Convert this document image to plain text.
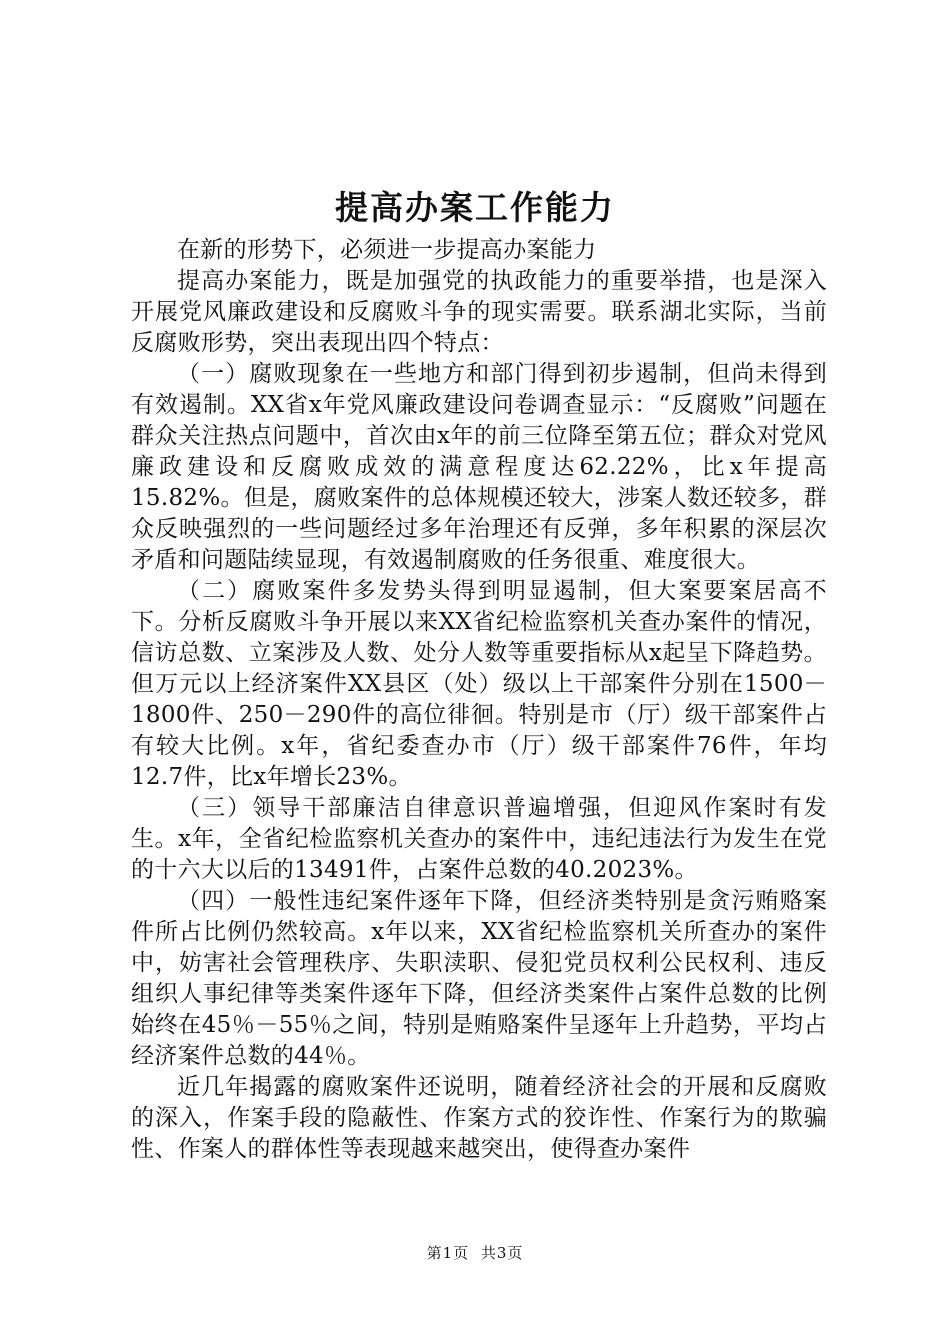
提高办案工作能力

在新的形势下，必须进一步提高办案能力

提高办案能力，既是加强党的执政能力的重要举措，也是深入开展党风廉政建设和反腐败斗争的现实需要。联系湖北实际，当前反腐败形势，突出表现出四个特点：

（一）腐败现象在一些地方和部门得到初步遏制，但尚未得到有效遏制。XX省x年党风廉政建设问卷调查显示：“反腐败”问题在群众关注热点问题中，首次由x年的前三位降至第五位；群众对党风廉政建设和反腐败成效的满意程度达62.22%，比x年提高15.82%。但是，腐败案件的总体规模还较大，涉案人数还较多，群众反映强烈的一些问题经过多年治理还有反弹，多年积累的深层次矛盾和问题陆续显现，有效遏制腐败的任务很重、难度很大。

（二）腐败案件多发势头得到明显遏制，但大案要案居高不下。分析反腐败斗争开展以来XX省纪检监察机关查办案件的情况，信访总数、立案涉及人数、处分人数等重要指标从x起呈下降趋势。但万元以上经济案件XX县区（处）级以上干部案件分别在1500－1800件、250－290件的高位徘徊。特别是市（厅）级干部案件占有较大比例。x年，省纪委查办市（厅）级干部案件76件，年均12.7件，比x年增长23%。

（三）领导干部廉洁自律意识普遍增强，但迎风作案时有发生。x年，全省纪检监察机关查办的案件中，违纪违法行为发生在党的十六大以后的13491件，占案件总数的40.2023%。

（四）一般性违纪案件逐年下降，但经济类特别是贪污贿赂案件所占比例仍然较高。x年以来，XX省纪检监察机关所查办的案件中，妨害社会管理秩序、失职渎职、侵犯党员权利公民权利、违反组织人事纪律等类案件逐年下降，但经济类案件占案件总数的比例始终在45％－55％之间，特别是贿赂案件呈逐年上升趋势，平均占经济案件总数的44％。

近几年揭露的腐败案件还说明，随着经济社会的开展和反腐败的深入，作案手段的隐蔽性、作案方式的狡诈性、作案行为的欺骗性、作案人的群体性等表现越来越突出，使得查办案件

第1页 共3页
